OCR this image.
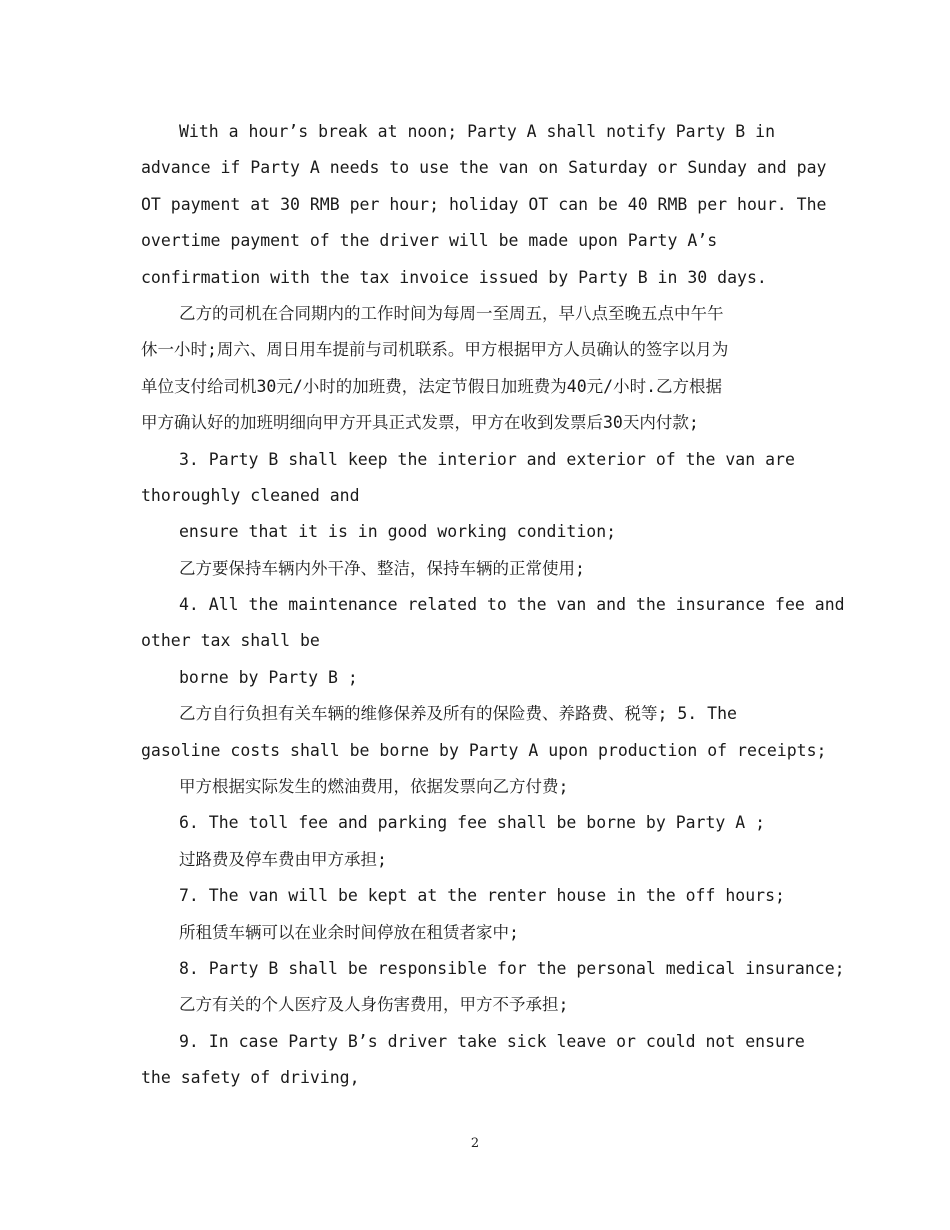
With a hour’s break at noon; Party A shall notify Party B in
advance if Party A needs to use the van on Saturday or Sunday and pay
OT payment at 30 RMB per hour; holiday OT can be 40 RMB per hour. The
overtime payment of the driver will be made upon Party A’s
confirmation with the tax invoice issued by Party B in 30 days.
乙方的司机在合同期内的工作时间为每周一至周五，早八点至晚五点中午午
休一小时;周六、周日用车提前与司机联系。甲方根据甲方人员确认的签字以月为
单位支付给司机30元/小时的加班费，法定节假日加班费为40元/小时.乙方根据
甲方确认好的加班明细向甲方开具正式发票，甲方在收到发票后30天内付款;
3. Party B shall keep the interior and exterior of the van are
thoroughly cleaned and
ensure that it is in good working condition;
乙方要保持车辆内外干净、整洁，保持车辆的正常使用;
4. All the maintenance related to the van and the insurance fee and
other tax shall be
borne by Party B ;
乙方自行负担有关车辆的维修保养及所有的保险费、养路费、税等; 5. The
gasoline costs shall be borne by Party A upon production of receipts;
甲方根据实际发生的燃油费用，依据发票向乙方付费;
6. The toll fee and parking fee shall be borne by Party A ;
过路费及停车费由甲方承担;
7. The van will be kept at the renter house in the off hours;
所租赁车辆可以在业余时间停放在租赁者家中;
8. Party B shall be responsible for the personal medical insurance;
乙方有关的个人医疗及人身伤害费用，甲方不予承担;
9. In case Party B’s driver take sick leave or could not ensure
the safety of driving,
2
